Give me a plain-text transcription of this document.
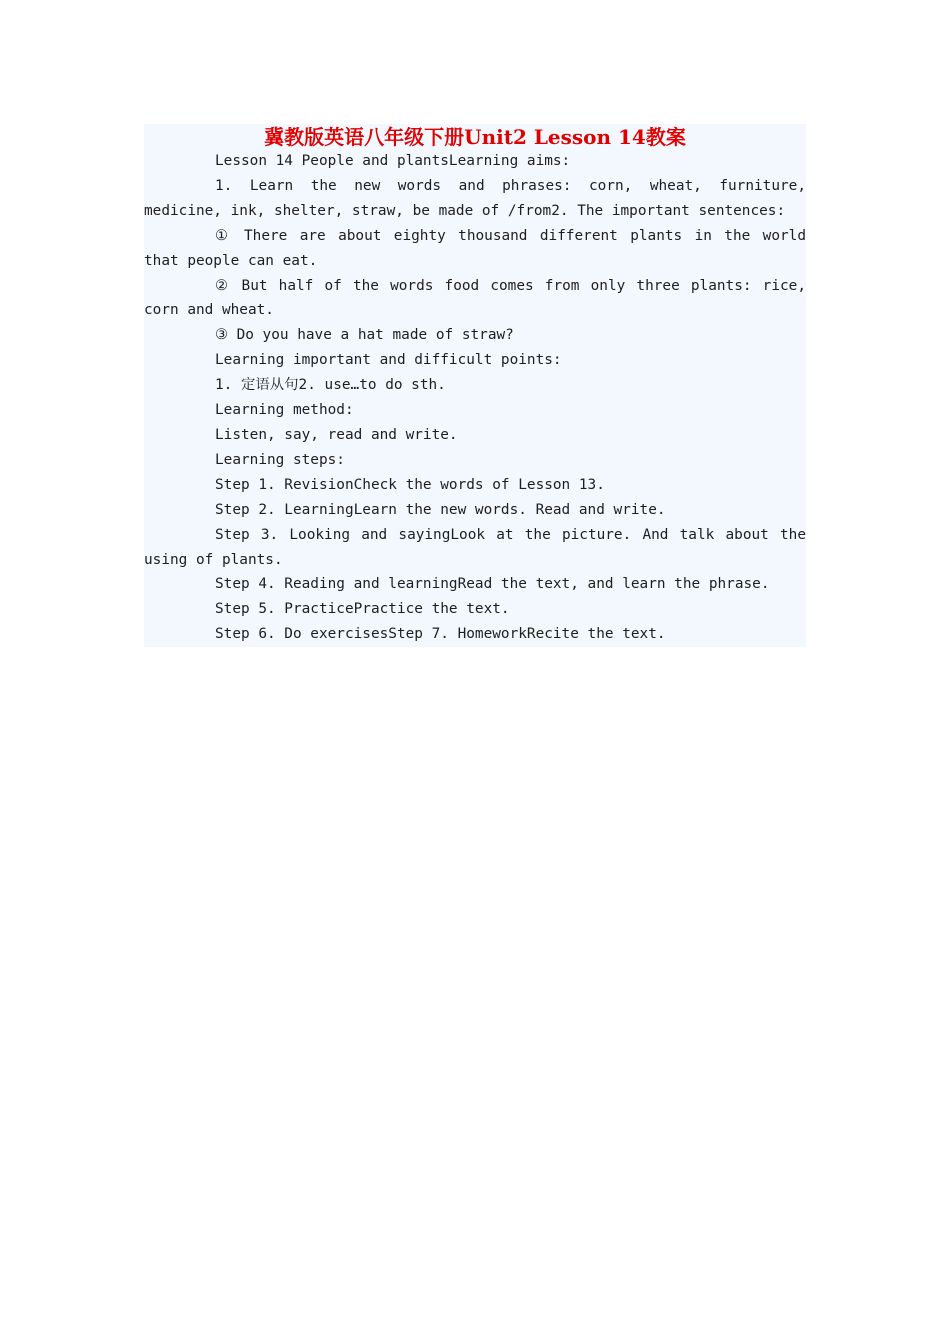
冀教版英语八年级下册Unit2 Lesson 14教案

Lesson 14 People and plantsLearning aims:

1. Learn the new words and phrases: corn, wheat, furniture, medicine, ink, shelter, straw, be made of /from2. The important sentences:

① There are about eighty thousand different plants in the world that people can eat.

② But half of the words food comes from only three plants: rice, corn and wheat.

③ Do you have a hat made of straw?

Learning important and difficult points:

1. 定语从句2. use…to do sth.

Learning method:

Listen, say, read and write.

Learning steps:

Step 1. RevisionCheck the words of Lesson 13.

Step 2. LearningLearn the new words. Read and write.

Step 3. Looking and sayingLook at the picture. And talk about the using of plants.

Step 4. Reading and learningRead the text, and learn the phrase.

Step 5. PracticePractice the text.

Step 6. Do exercisesStep 7. HomeworkRecite the text.
